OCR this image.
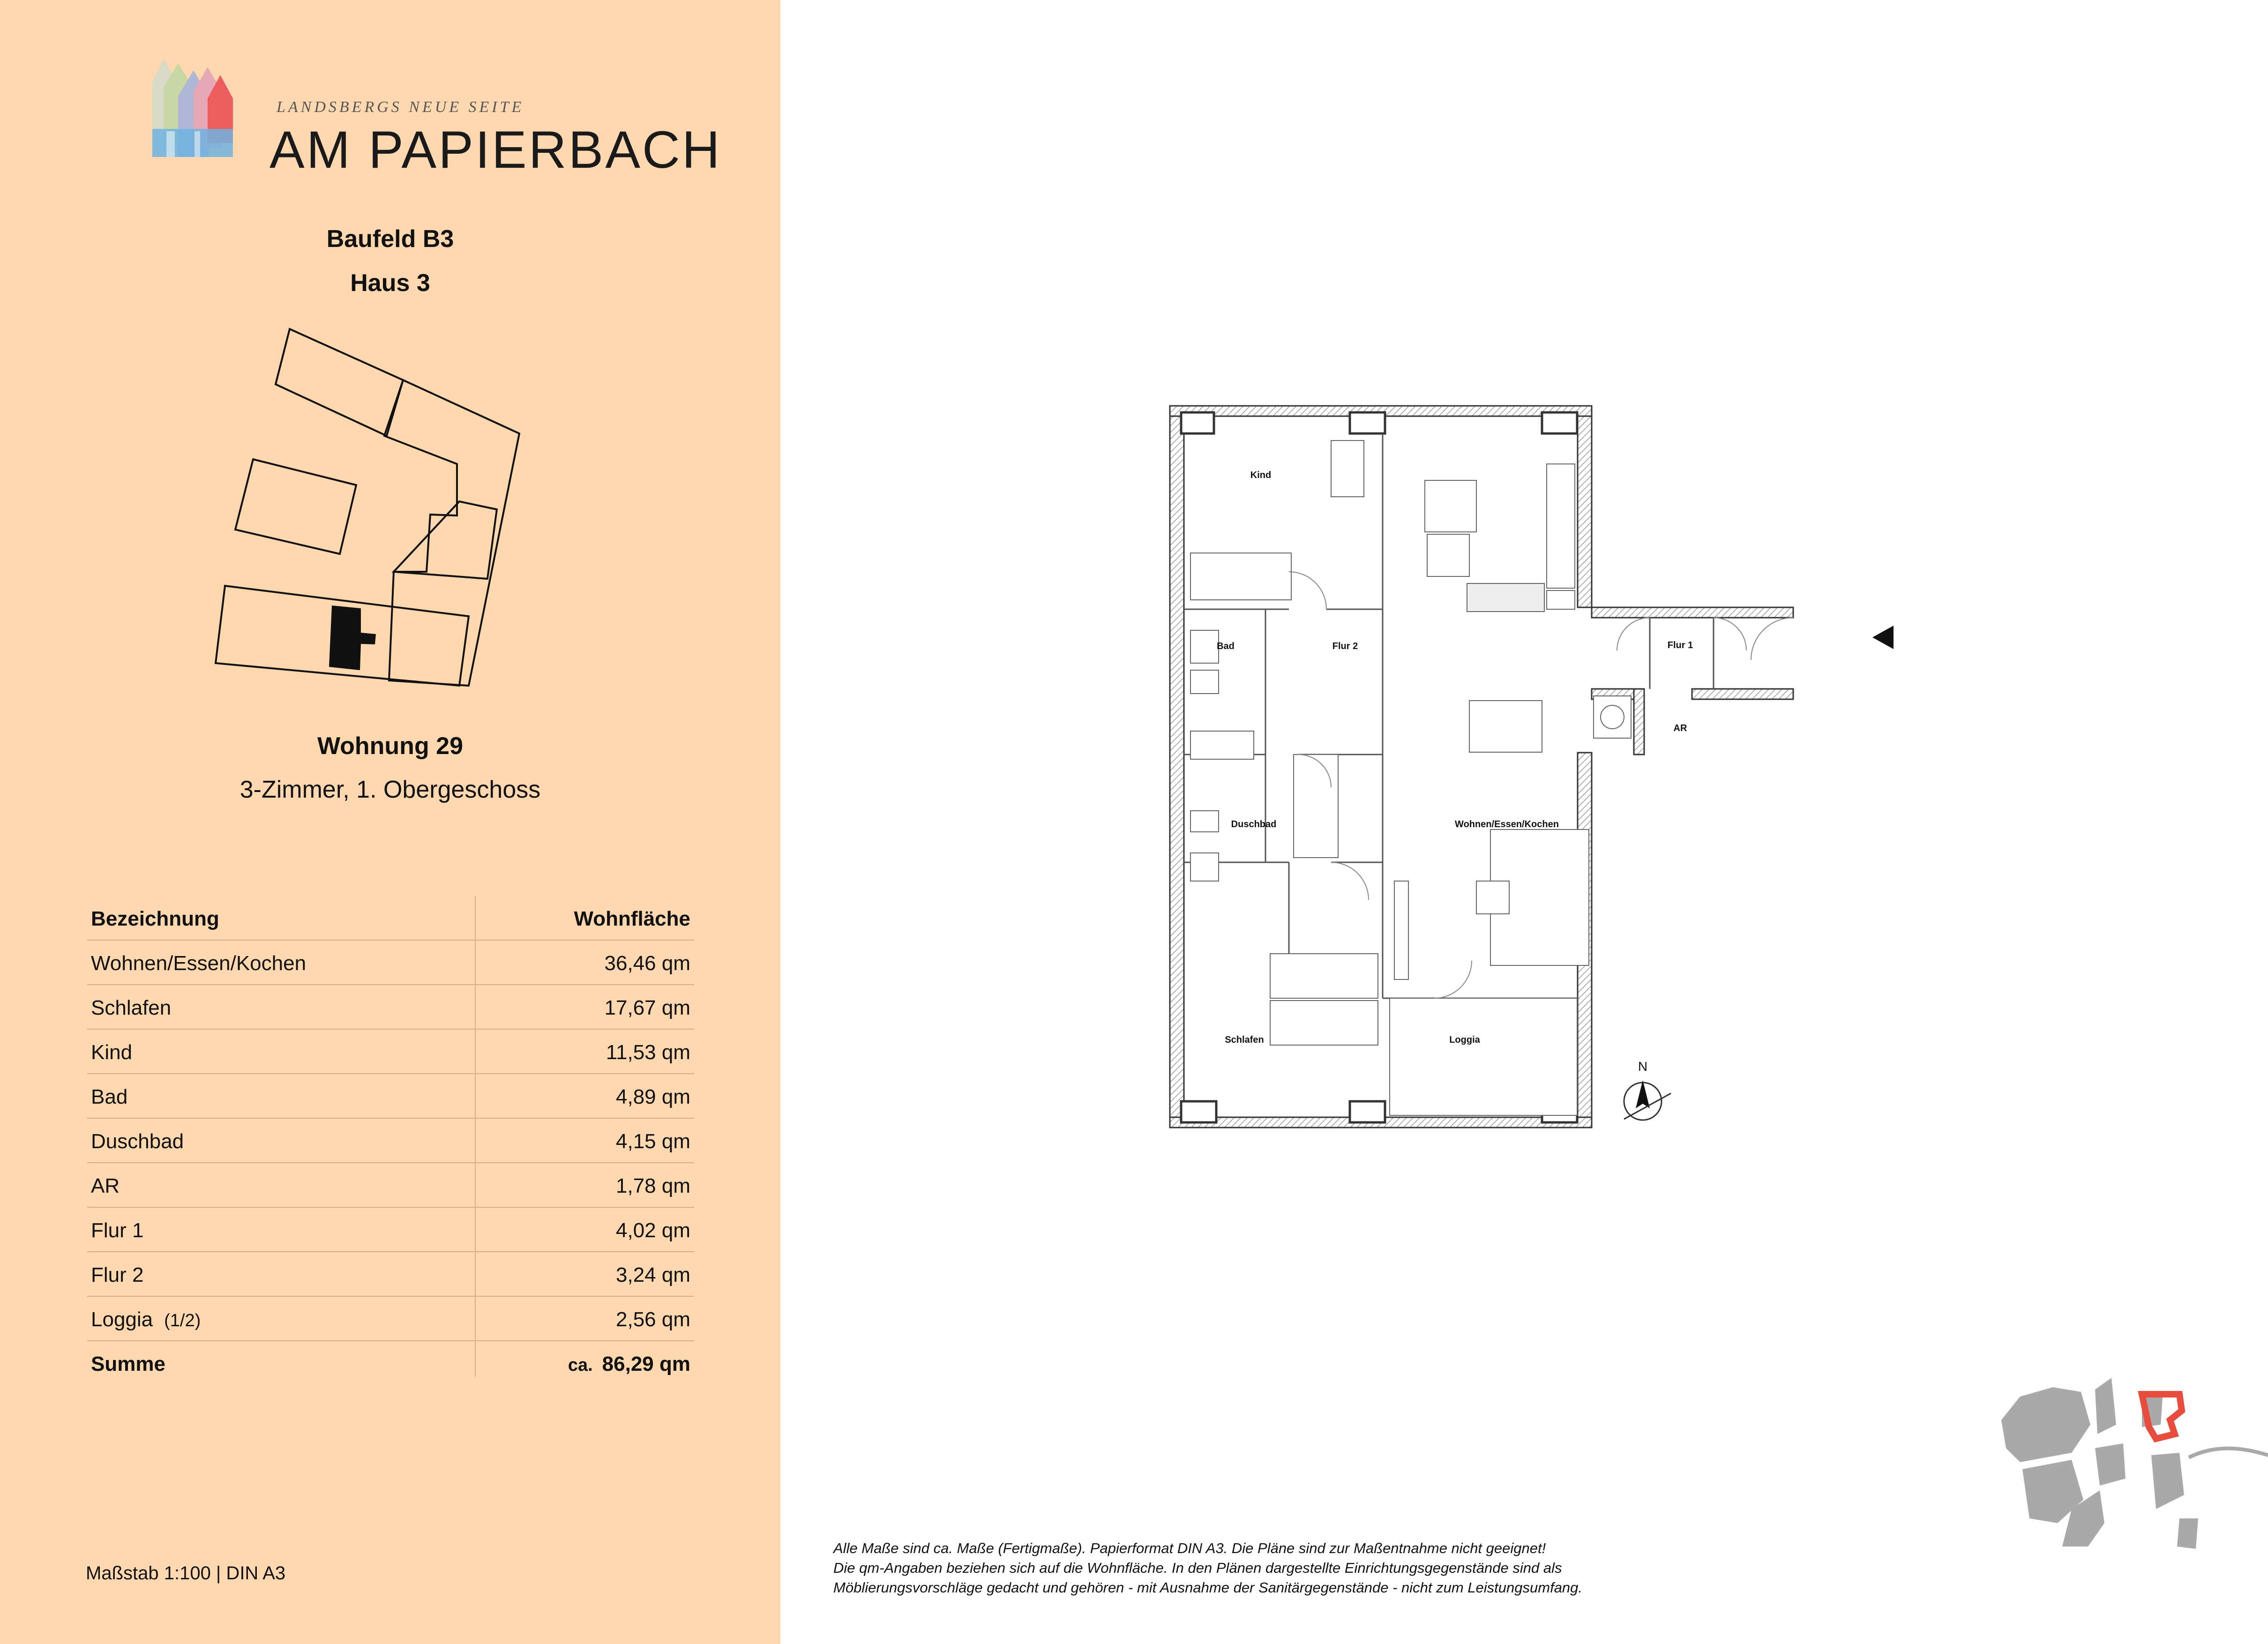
LANDSBERGS NEUE SEITE
AM PAPIERBACH
Baufeld B3
Haus 3
Wohnung 29
3-Zimmer, 1. Obergeschoss
Bezeichnung	Wohnfläche
Wohnen/Essen/Kochen	36,46 qm
Schlafen	17,67 qm
Kind	11,53 qm
Bad	4,89 qm
Duschbad	4,15 qm
AR	1,78 qm
Flur 1	4,02 qm
Flur 2	3,24 qm
Loggia (1/2)	2,56 qm
Summe	ca. 86,29 qm
Maßstab 1:100 | DIN A3
Kind
Bad	Flur 2	Flur 1
AR
Duschbad	Wohnen/Essen/Kochen
Schlafen	Loggia
N
Alle Maße sind ca. Maße (Fertigmaße). Papierformat DIN A3. Die Pläne sind zur Maßentnahme nicht geeignet!
Die qm-Angaben beziehen sich auf die Wohnfläche. In den Plänen dargestellte Einrichtungsgegenstände sind als
Möblierungsvorschläge gedacht und gehören - mit Ausnahme der Sanitärgegenstände - nicht zum Leistungsumfang.
